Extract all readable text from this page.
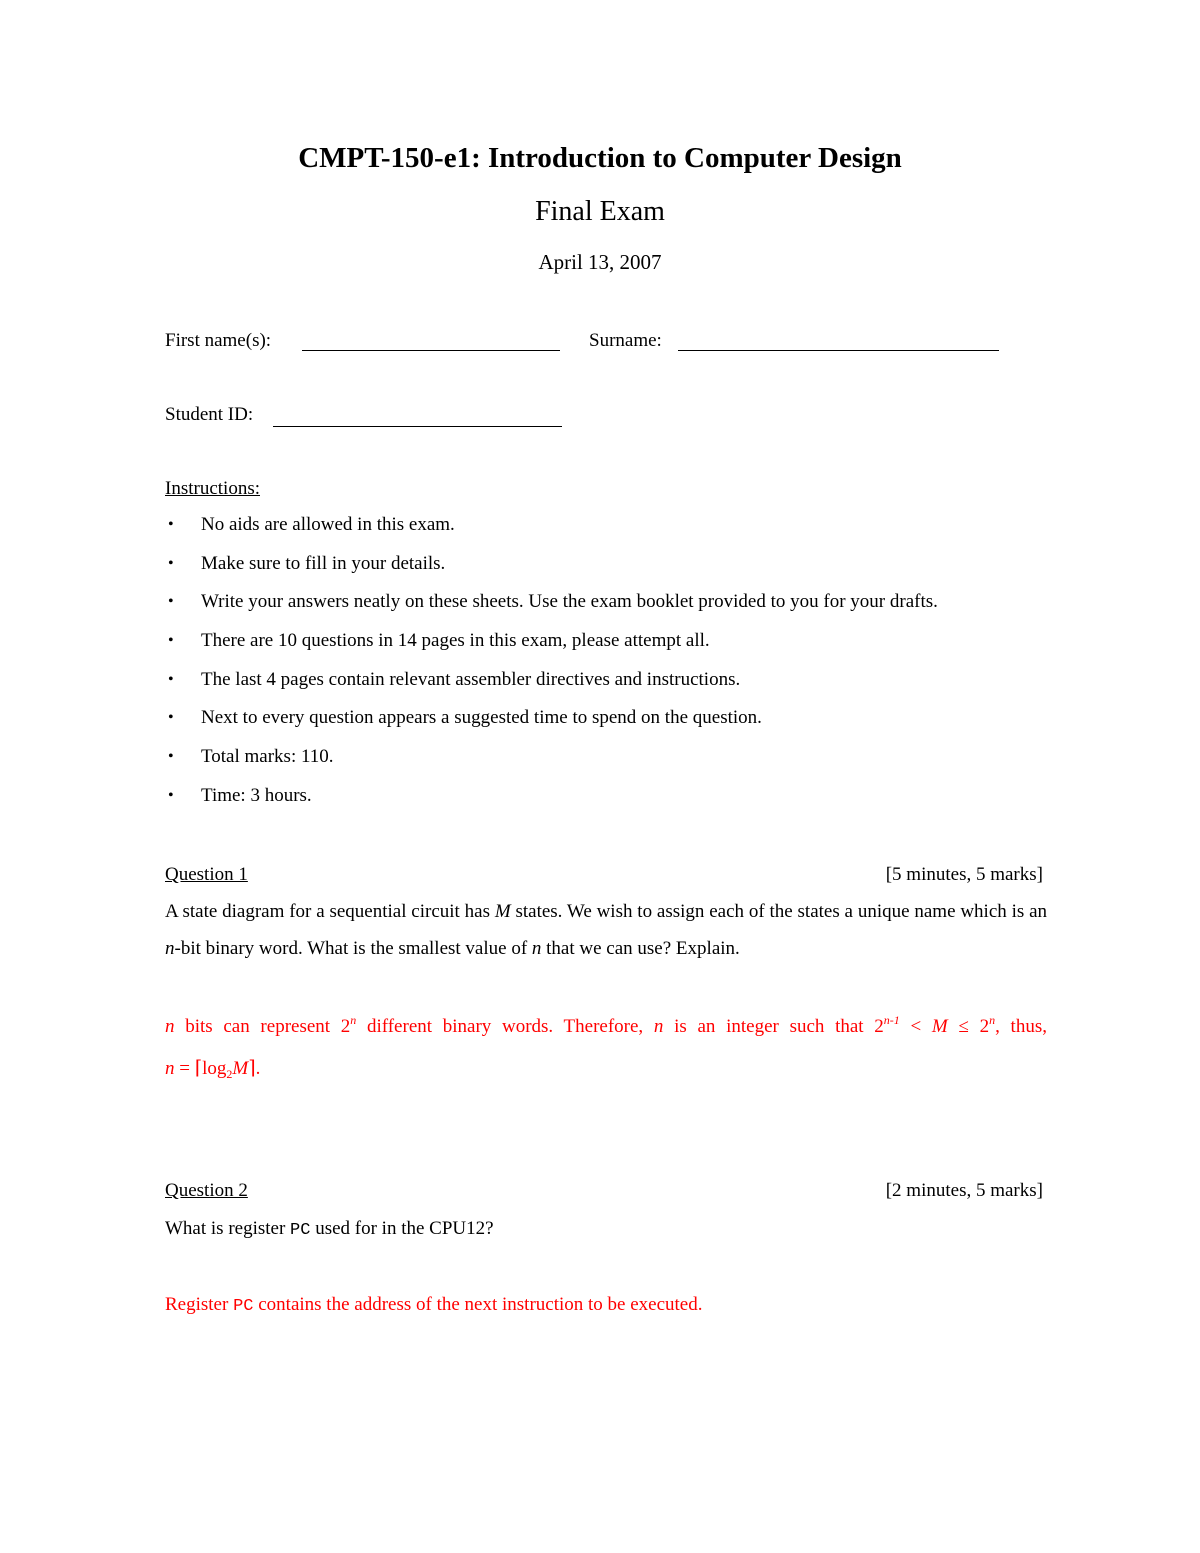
CMPT-150-e1: Introduction to Computer Design
Final Exam
April 13, 2007
First name(s):	Surname:
Student ID:
Instructions:
• No aids are allowed in this exam.
• Make sure to fill in your details.
• Write your answers neatly on these sheets. Use the exam booklet provided to you for your drafts.
• There are 10 questions in 14 pages in this exam, please attempt all.
• The last 4 pages contain relevant assembler directives and instructions.
• Next to every question appears a suggested time to spend on the question.
• Total marks: 110.
• Time: 3 hours.
Question 1	[5 minutes, 5 marks]
A state diagram for a sequential circuit has M states. We wish to assign each of the states a unique name which is an n-bit binary word. What is the smallest value of n that we can use? Explain.
n bits can represent 2$^n$ different binary words. Therefore, n is an integer such that $2^{n-1} < M \le 2^n$, thus,
$n = ⌈\log_2M⌉$.
Question 2	[2 minutes, 5 marks]
What is register PC used for in the CPU12?
Register PC contains the address of the next instruction to be executed.
